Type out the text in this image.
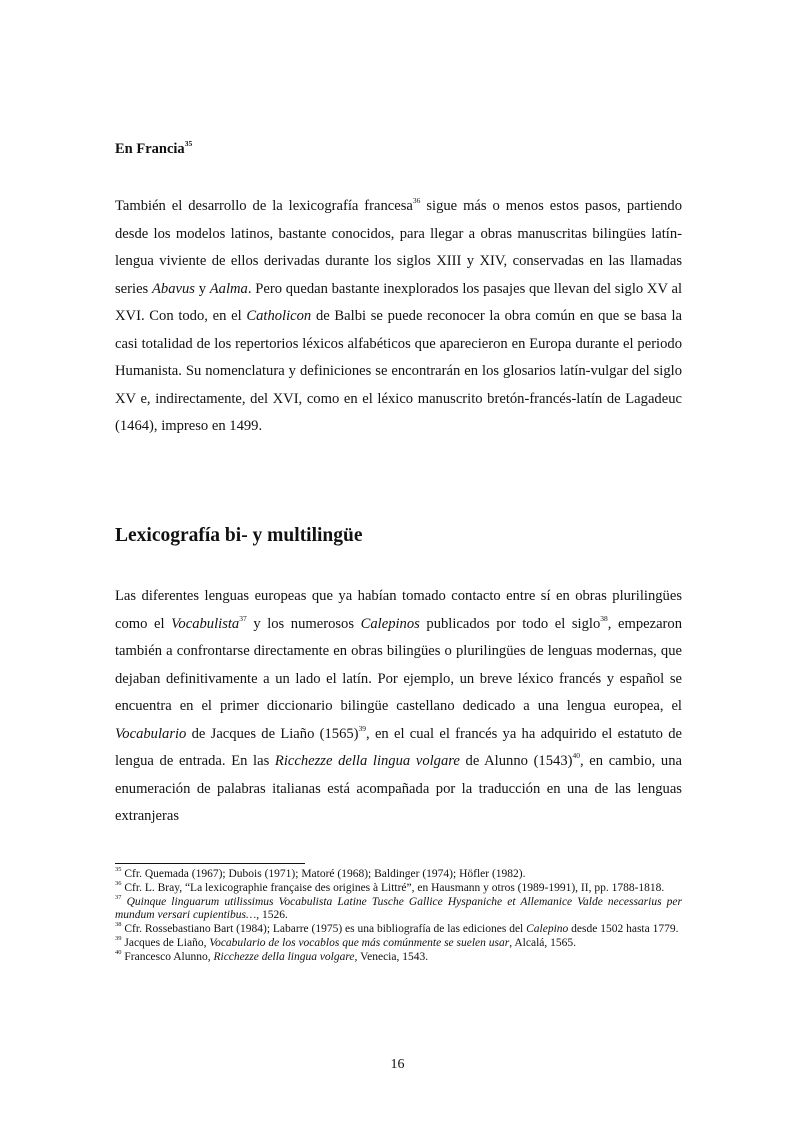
En Francia$^{35}$

También el desarrollo de la lexicografía francesa$^{36}$ sigue más o menos estos pasos, partiendo desde los modelos latinos, bastante conocidos, para llegar a obras manuscritas bilingües latín-lengua viviente de ellos derivadas durante los siglos XIII y XIV, conservadas en las llamadas series Abavus y Aalma. Pero quedan bastante inexplorados los pasajes que llevan del siglo XV al XVI. Con todo, en el Catholicon de Balbi se puede reconocer la obra común en que se basa la casi totalidad de los repertorios léxicos alfabéticos que aparecieron en Europa durante el periodo Humanista. Su nomenclatura y definiciones se encontrarán en los glosarios latín-vulgar del siglo XV e, indirectamente, del XVI, como en el léxico manuscrito bretón-francés-latín de Lagadeuc (1464), impreso en 1499.

Lexicografía bi- y multilingüe

Las diferentes lenguas europeas que ya habían tomado contacto entre sí en obras plurilingües como el Vocabulista$^{37}$ y los numerosos Calepinos publicados por todo el siglo$^{38}$, empezaron también a confrontarse directamente en obras bilingües o plurilingües de lenguas modernas, que dejaban definitivamente a un lado el latín. Por ejemplo, un breve léxico francés y español se encuentra en el primer diccionario bilingüe castellano dedicado a una lengua europea, el Vocabulario de Jacques de Liaño $(1565)^{39}$, en el cual el francés ya ha adquirido el estatuto de lengua de entrada. En las Ricchezze della lingua volgare de Alunno $(1543)^{40}$, en cambio, una enumeración de palabras italianas está acompañada por la traducción en una de las lenguas extranjeras

$^{35}$ Cfr. Quemada (1967); Dubois (1971); Matoré (1968); Baldinger (1974); Höfler (1982).

$^{36}$ Cfr. L. Bray, “La lexicographie française des origines à Littré”, en Hausmann y otros (1989-1991), II, pp. 1788-1818.

$^{37}$ Quinque linguarum utilissimus Vocabulista Latine Tusche Gallice Hyspaniche et Allemanice Valde necessarius per mundum versari cupientibus…, 1526.

$^{38}$ Cfr. Rossebastiano Bart (1984); Labarre (1975) es una bibliografía de las ediciones del Calepino desde 1502 hasta 1779.

$^{39}$ Jacques de Liaño, Vocabulario de los vocablos que más comúnmente se suelen usar, Alcalá, 1565.

$^{40}$ Francesco Alunno, Ricchezze della lingua volgare, Venecia, 1543.

16
